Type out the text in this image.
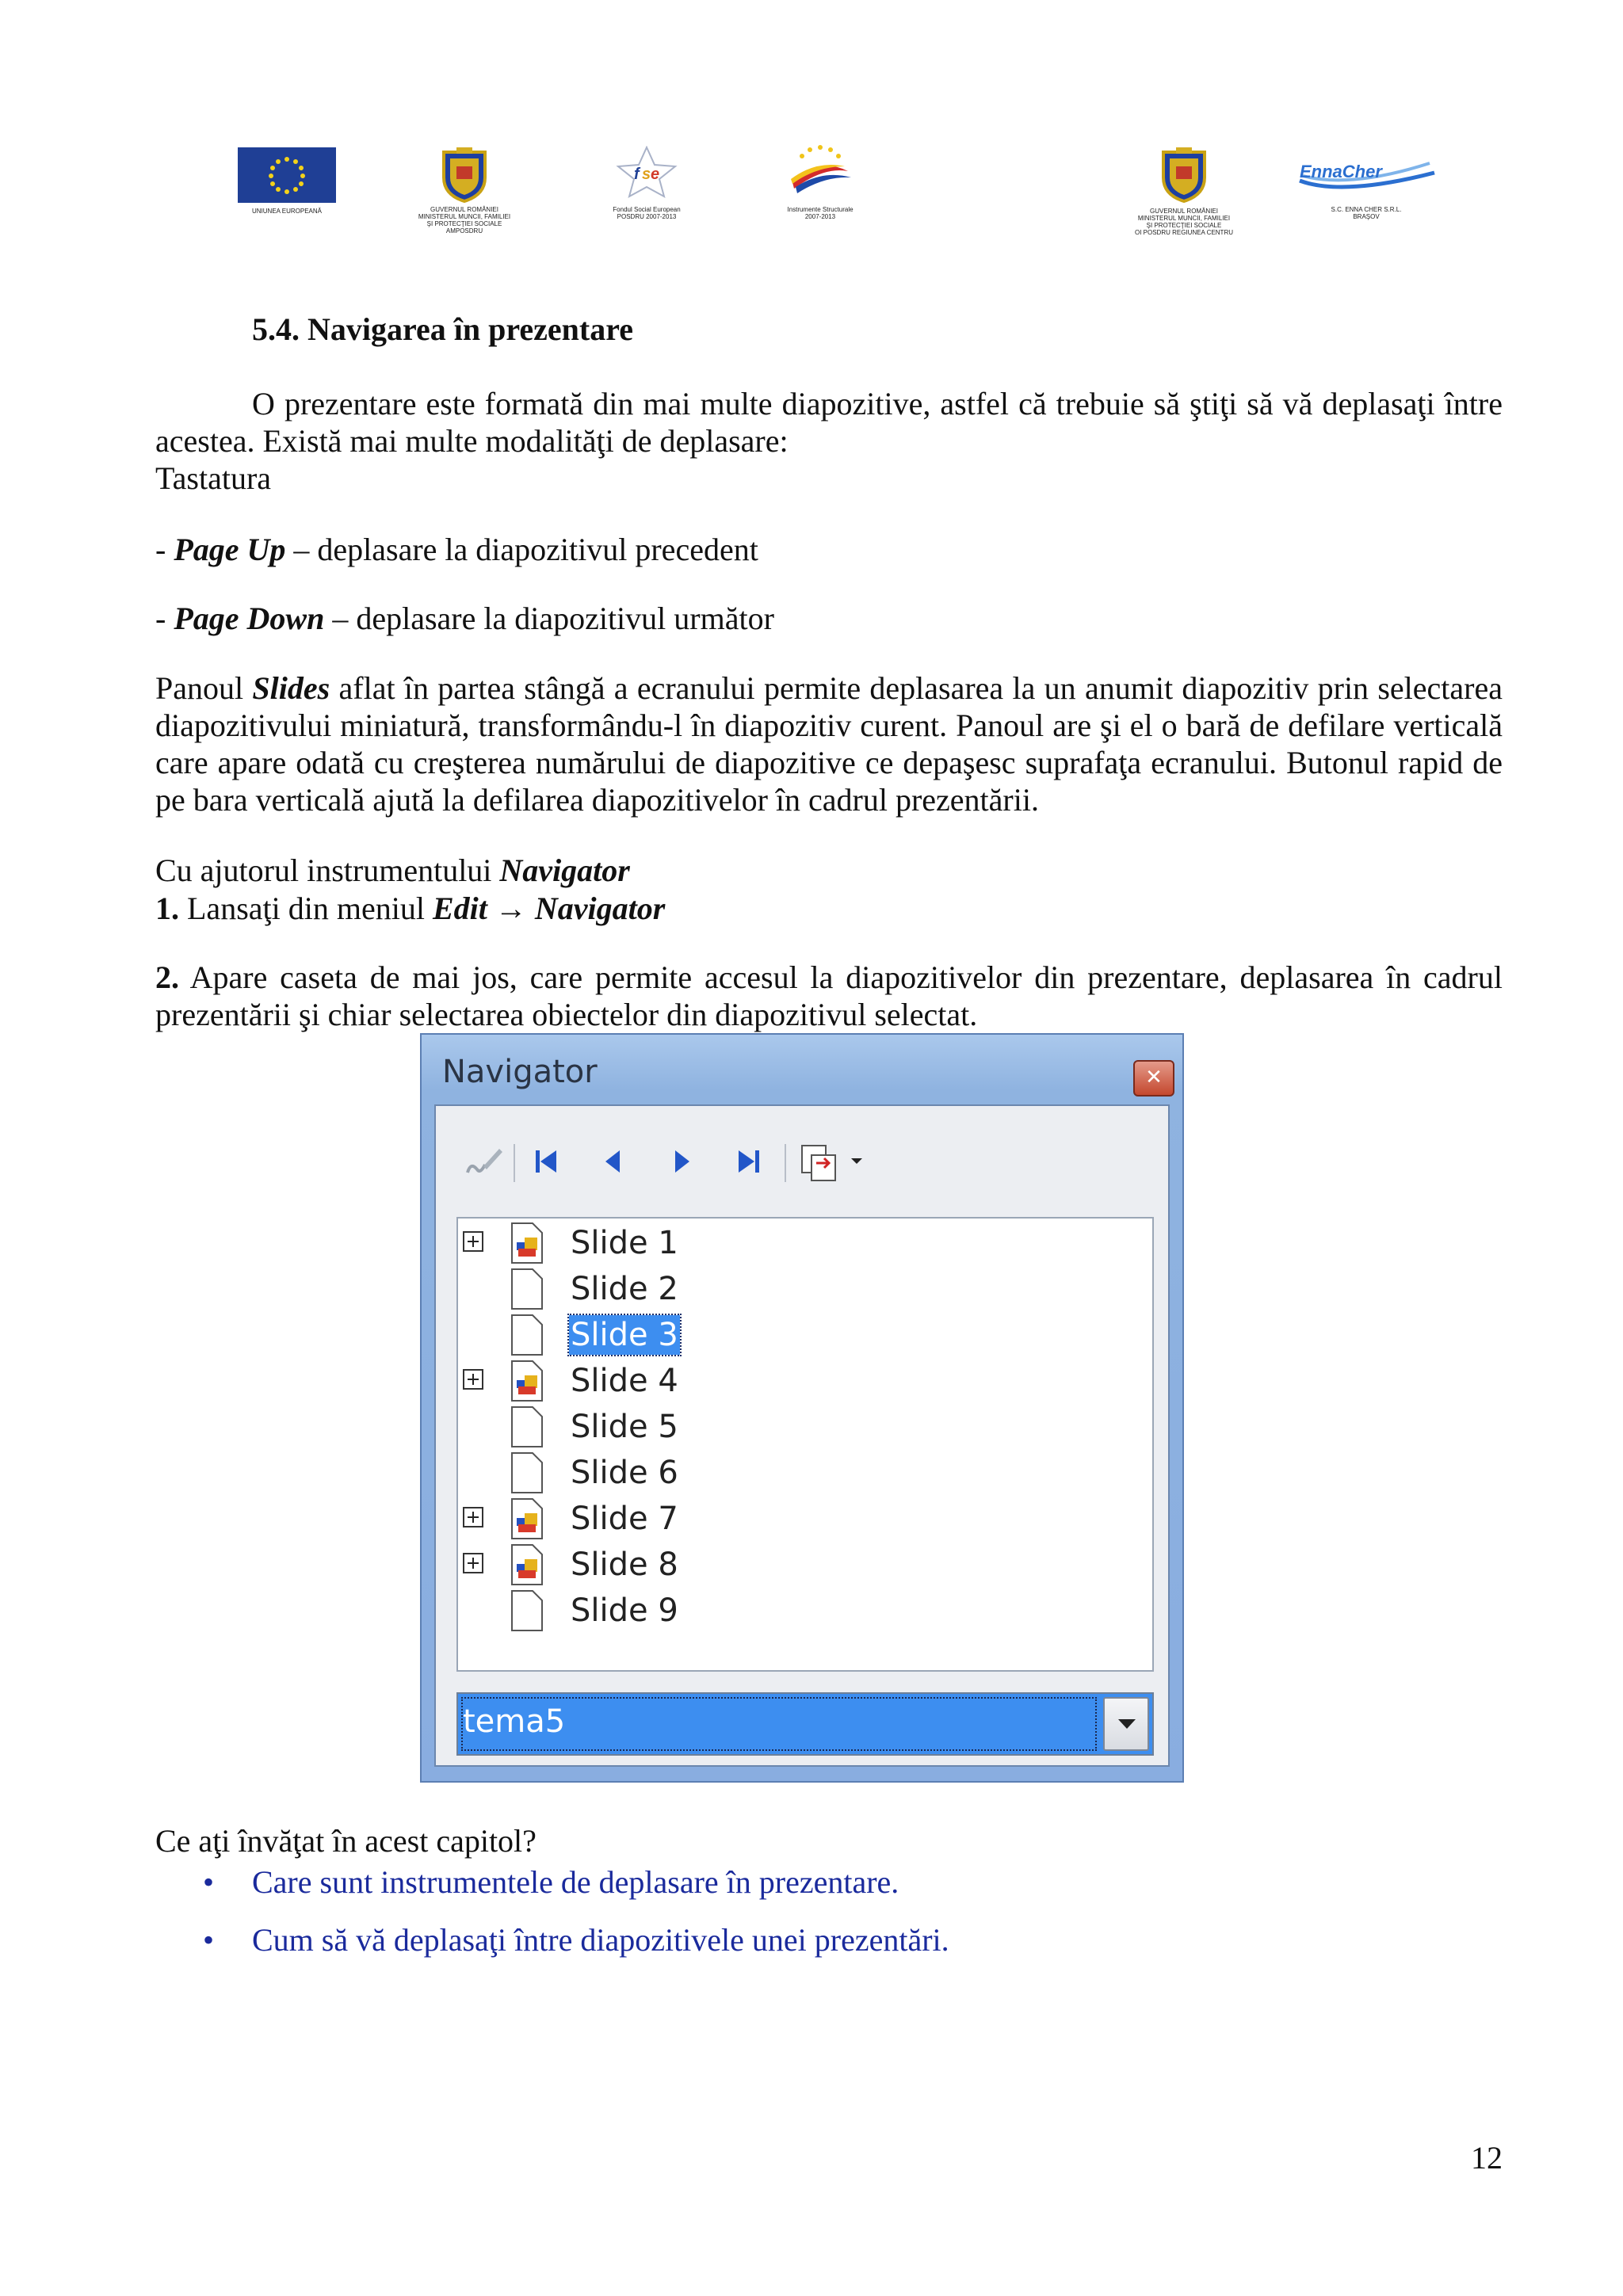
UNIUNEA EUROPEANĂ	GUVERNUL ROMÂNIEI
MINISTERUL MUNCII, FAMILIEI
ŞI PROTECŢIEI SOCIALE
AMPOSDRU
f s e
Fondul Social European
POSDRU 2007-2013
Instrumente Structurale
2007-2013
GUVERNUL ROMÂNIEI
MINISTERUL MUNCII, FAMILIEI
ŞI PROTECŢIEI SOCIALE
OI POSDRU REGIUNEA CENTRU
EnnaCher
S.C. ENNA CHER S.R.L.
BRAŞOV
5.4. Navigarea în prezentare
O prezentare este formată din mai multe diapozitive, astfel că trebuie să ştiţi să vă deplasaţi între acestea. Există mai multe modalităţi de deplasare:
Tastatura
- Page Up – deplasare la diapozitivul precedent
- Page Down – deplasare la diapozitivul următor
Panoul Slides aflat în partea stângă a ecranului permite deplasarea la un anumit diapozitiv prin selectarea diapozitivului miniatură, transformându-l în diapozitiv curent. Panoul are şi el o bară de defilare verticală care apare odată cu creşterea numărului de diapozitive ce depaşesc suprafaţa ecranului. Butonul rapid de pe bara verticală ajută la defilarea diapozitivelor în cadrul prezentării.
Cu ajutorul instrumentului Navigator
1. Lansaţi din meniul Edit → Navigator
2. Apare caseta de mai jos, care permite accesul la diapozitivelor din prezentare, deplasarea în cadrul prezentării şi chiar selectarea obiectelor din diapozitivul selectat.
Navigator	✕
Slide 1
Slide 2
Slide 3
Slide 4
Slide 5
Slide 6
Slide 7
Slide 8
Slide 9
tema5
Ce aţi învăţat în acest capitol?
• Care sunt instrumentele de deplasare în prezentare.
• Cum să vă deplasaţi între diapozitivele unei prezentări.
12
